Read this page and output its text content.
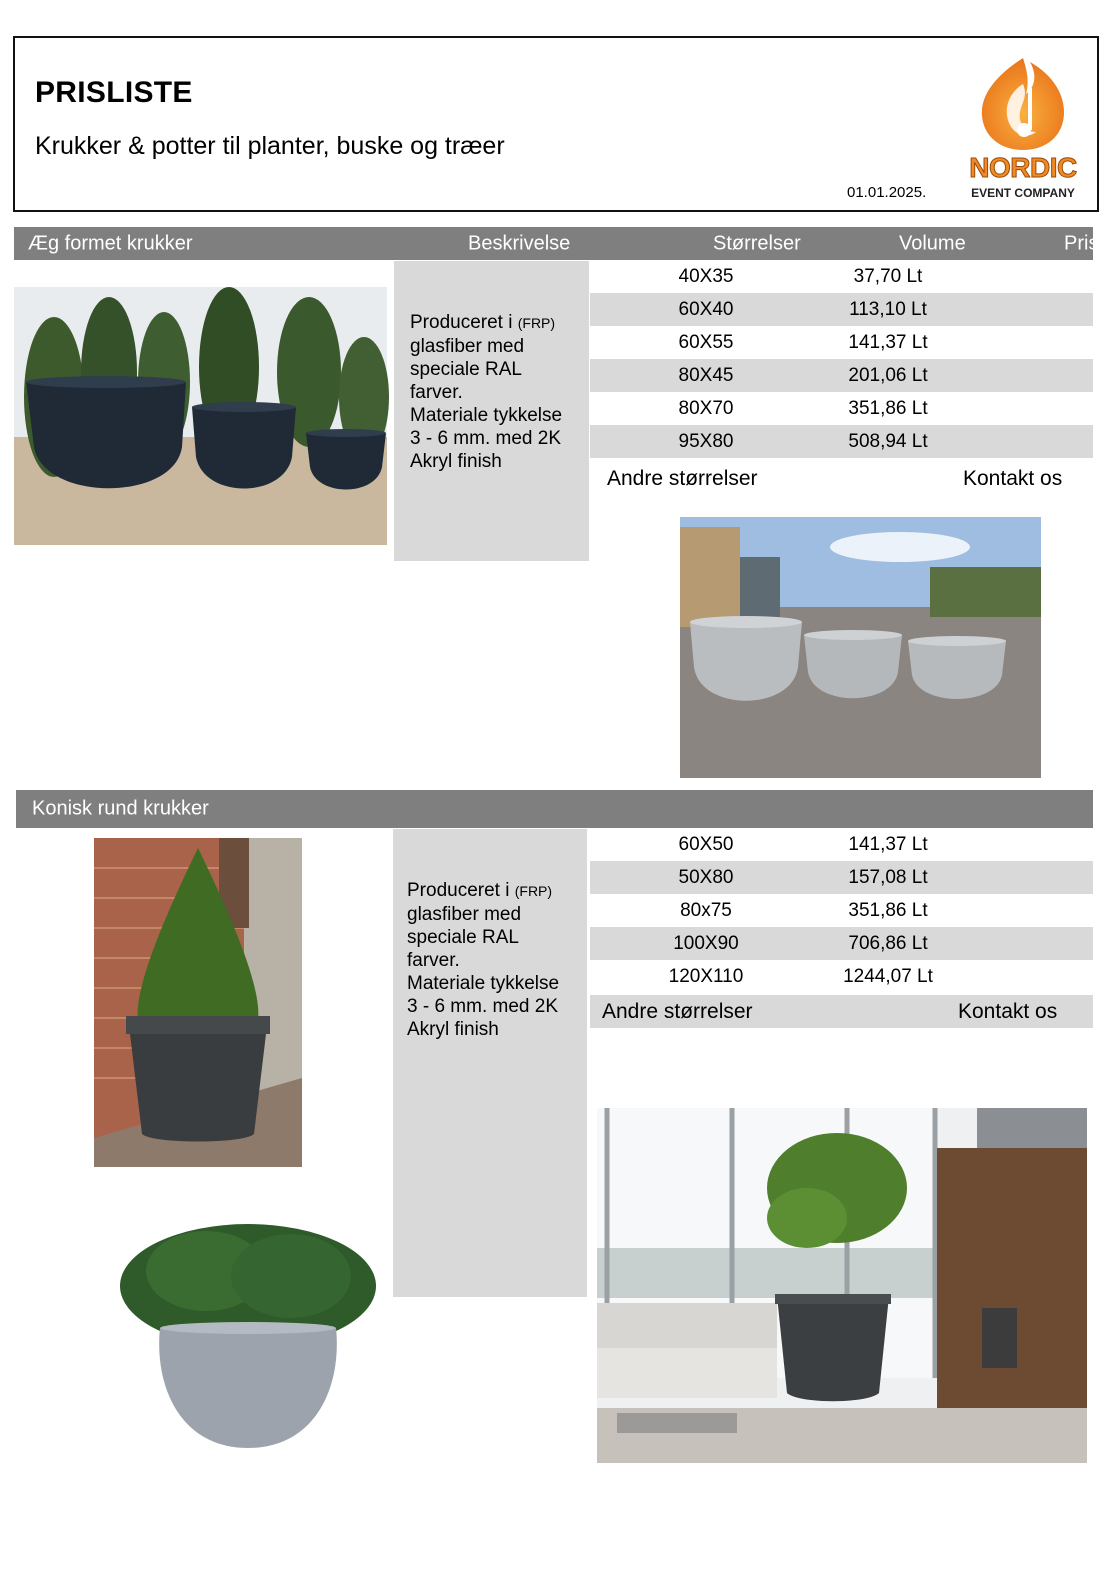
PRISLISTE
Krukker & potter til planter, buske og træer
01.01.2025.
NORDIC
EVENT COMPANY
Æg formet krukker	Beskrivelse	Størrelser	Volume	Pris
Produceret i (FRP)
glasfiber med
speciale RAL
farver.
Materiale tykkelse
3 - 6 mm. med 2K
Akryl finish
40X35	37,70 Lt
60X40	113,10 Lt
60X55	141,37 Lt
80X45	201,06 Lt
80X70	351,86 Lt
95X80	508,94 Lt
Andre størrelser	Kontakt os
Konisk rund krukker
Produceret i (FRP)
glasfiber med
speciale RAL
farver.
Materiale tykkelse
3 - 6 mm. med 2K
Akryl finish
60X50	141,37 Lt
50X80	157,08 Lt
80x75	351,86 Lt
100X90	706,86 Lt
120X110	1244,07 Lt
Andre størrelser	Kontakt os
